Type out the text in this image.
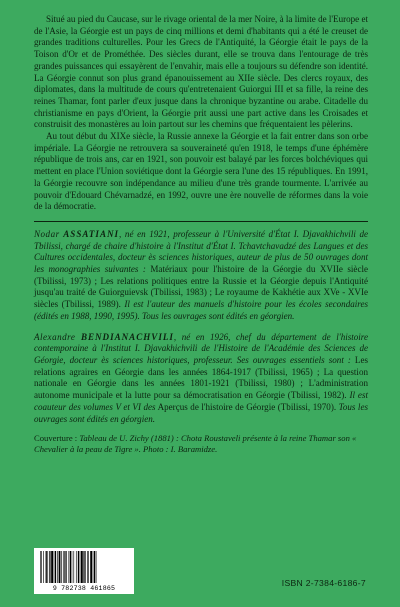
Situé au pied du Caucase, sur le rivage oriental de la mer Noire, à la limite de l'Europe et de l'Asie, la Géorgie est un pays de cinq millions et demi d'habitants qui a été le creuset de grandes traditions culturelles. Pour les Grecs de l'Antiquité, la Géorgie était le pays de la Toison d'Or et de Prométhée. Des siècles durant, elle se trouva dans l'entourage de très grandes puissances qui essayèrent de l'envahir, mais elle a toujours su défendre son identité. La Géorgie connut son plus grand épanouissement au XIIe siècle. Des clercs royaux, des diplomates, dans la multitude de cours qu'entretenaient Guiorgui III et sa fille, la reine des reines Thamar, font parler d'eux jusque dans la chronique byzantine ou arabe. Citadelle du christianisme en pays d'Orient, la Géorgie prit aussi une part active dans les Croisades et construisit des monastères au loin partout sur les chemins que fréquentaient les pèlerins.

Au tout début du XIXe siècle, la Russie annexe la Géorgie et la fait entrer dans son orbe impériale. La Géorgie ne retrouvera sa souveraineté qu'en 1918, le temps d'une éphémère république de trois ans, car en 1921, son pouvoir est balayé par les forces bolchéviques qui mettent en place l'Union soviétique dont la Géorgie sera l'une des 15 républiques. En 1991, la Géorgie recouvre son indépendance au milieu d'une très grande tourmente. L'arrivée au pouvoir d'Edouard Chévarnadzé, en 1992, ouvre une ère nouvelle de réformes dans la voie de la démocratie.

Nodar ASSATIANI, né en 1921, professeur à l'Université d'État I. Djavakhichvili de Tbilissi, chargé de chaire d'histoire à l'Institut d'État I. Tchavtchavadzé des Langues et des Cultures occidentales, docteur ès sciences historiques, auteur de plus de 50 ouvrages dont les monographies suivantes : Matériaux pour l'histoire de la Géorgie du XVIIe siècle (Tbilissi, 1973) ; Les relations politiques entre la Russie et la Géorgie depuis l'Antiquité jusqu'au traité de Guiorguievsk (Tbilissi, 1983) ; Le royaume de Kakhétie aux XVe - XVIe siècles (Tbilissi, 1989). Il est l'auteur des manuels d'histoire pour les écoles secondaires (édités en 1988, 1990, 1995). Tous les ouvrages sont édités en géorgien.
Alexandre BENDIANACHVILI, né en 1926, chef du département de l'histoire contemporaine à l'Institut I. Djavakhichvili de l'Histoire de l'Académie des Sciences de Géorgie, docteur ès sciences historiques, professeur. Ses ouvrages essentiels sont : Les relations agraires en Géorgie dans les années 1864-1917 (Tbilissi, 1965) ; La question nationale en Géorgie dans les années 1801-1921 (Tbilissi, 1980) ; L'administration autonome municipale et la lutte pour sa démocratisation en Géorgie (Tbilissi, 1982). Il est coauteur des volumes V et VI des Aperçus de l'histoire de Géorgie (Tbilissi, 1970). Tous les ouvrages sont édités en géorgien.
Couverture : Tableau de U. Zichy (1881) : Chota Roustaveli présente à la reine Thamar son « Chevalier à la peau de Tigre ». Photo : I. Baramidze.
9 782738 461865
ISBN 2-7384-6186-7
